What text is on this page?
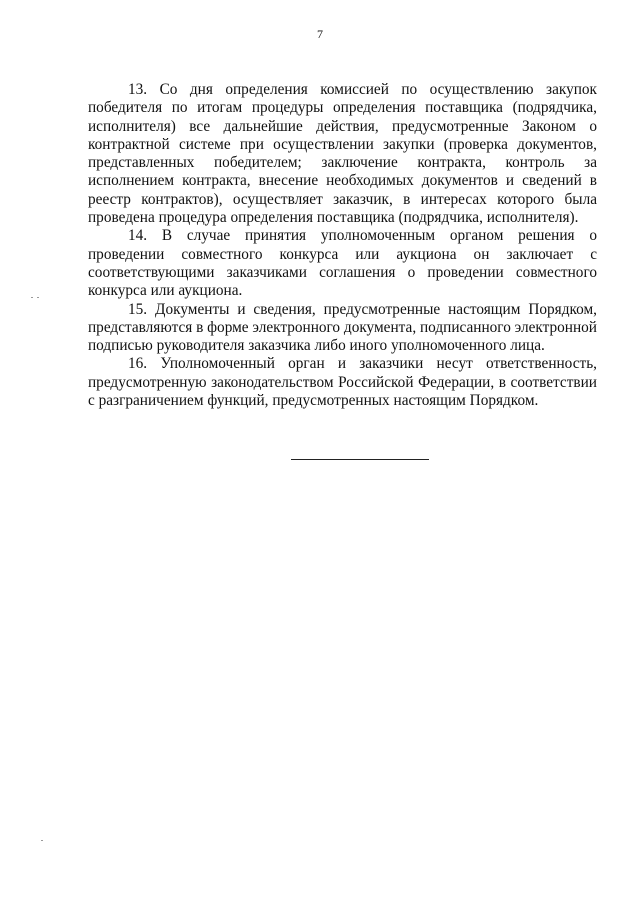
7

13. Со дня определения комиссией по осуществлению закупок победителя по итогам процедуры определения поставщика (подрядчика, исполнителя) все дальнейшие действия, предусмотренные Законом о контрактной системе при осуществлении закупки (проверка документов, представленных победителем; заключение контракта, контроль за исполнением контракта, внесение необходимых документов и сведений в реестр контрактов), осуществляет заказчик, в интересах которого была проведена процедура определения поставщика (подрядчика, исполнителя).

14. В случае принятия уполномоченным органом решения о проведении совместного конкурса или аукциона он заключает с соответствующими заказчиками соглашения о проведении совместного конкурса или аукциона.

15. Документы и сведения, предусмотренные настоящим Порядком, представляются в форме электронного документа, подписанного электронной подписью руководителя заказчика либо иного уполномоченного лица.

16. Уполномоченный орган и заказчики несут ответственность, предусмотренную законодательством Российской Федерации, в соответствии с разграничением функций, предусмотренных настоящим Порядком.
